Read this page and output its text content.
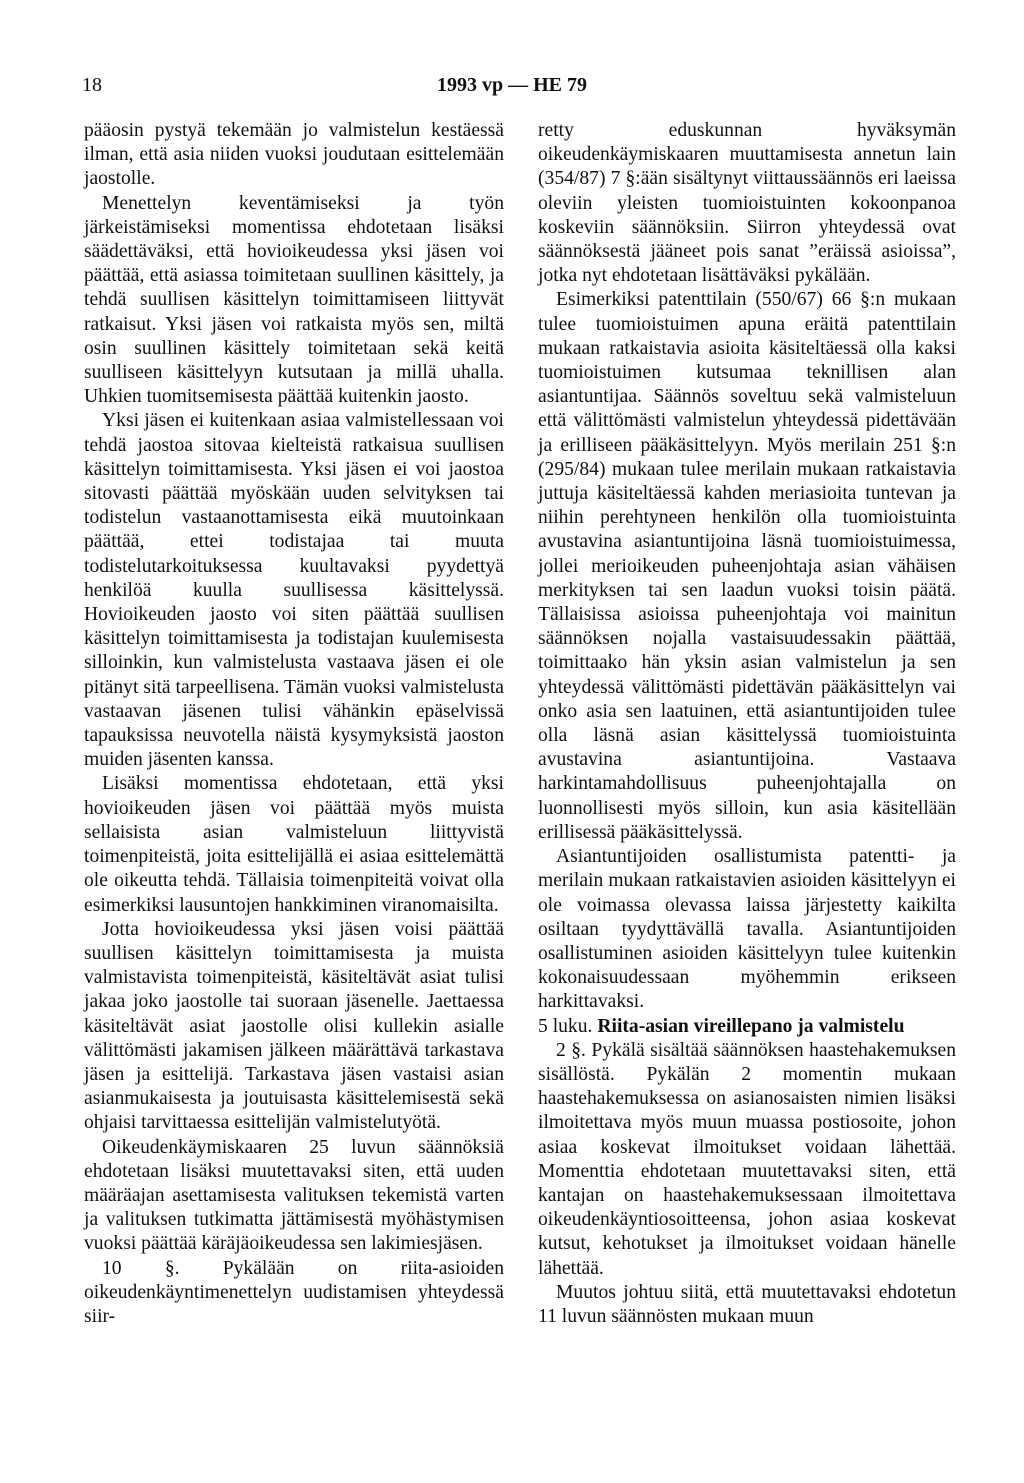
18	1993 vp — HE 79

pääosin pystyä tekemään jo valmistelun kestäessä ilman, että asia niiden vuoksi joudutaan esittelemään jaostolle.

Menettelyn keventämiseksi ja työn järkeistämiseksi momentissa ehdotetaan lisäksi säädettäväksi, että hovioikeudessa yksi jäsen voi päättää, että asiassa toimitetaan suullinen käsittely, ja tehdä suullisen käsittelyn toimittamiseen liittyvät ratkaisut. Yksi jäsen voi ratkaista myös sen, miltä osin suullinen käsittely toimitetaan sekä keitä suulliseen käsittelyyn kutsutaan ja millä uhalla. Uhkien tuomitsemisesta päättää kuitenkin jaosto.

Yksi jäsen ei kuitenkaan asiaa valmistellessaan voi tehdä jaostoa sitovaa kielteistä ratkaisua suullisen käsittelyn toimittamisesta. Yksi jäsen ei voi jaostoa sitovasti päättää myöskään uuden selvityksen tai todistelun vastaanottamisesta eikä muutoinkaan päättää, ettei todistajaa tai muuta todistelutarkoituksessa kuultavaksi pyydettyä henkilöä kuulla suullisessa käsittelyssä. Hovioikeuden jaosto voi siten päättää suullisen käsittelyn toimittamisesta ja todistajan kuulemisesta silloinkin, kun valmistelusta vastaava jäsen ei ole pitänyt sitä tarpeellisena. Tämän vuoksi valmistelusta vastaavan jäsenen tulisi vähänkin epäselvissä tapauksissa neuvotella näistä kysymyksistä jaoston muiden jäsenten kanssa.

Lisäksi momentissa ehdotetaan, että yksi hovioikeuden jäsen voi päättää myös muista sellaisista asian valmisteluun liittyvistä toimenpiteistä, joita esittelijällä ei asiaa esittelemättä ole oikeutta tehdä. Tällaisia toimenpiteitä voivat olla esimerkiksi lausuntojen hankkiminen viranomaisilta.

Jotta hovioikeudessa yksi jäsen voisi päättää suullisen käsittelyn toimittamisesta ja muista valmistavista toimenpiteistä, käsiteltävät asiat tulisi jakaa joko jaostolle tai suoraan jäsenelle. Jaettaessa käsiteltävät asiat jaostolle olisi kullekin asialle välittömästi jakamisen jälkeen määrättävä tarkastava jäsen ja esittelijä. Tarkastava jäsen vastaisi asian asianmukaisesta ja joutuisasta käsittelemisestä sekä ohjaisi tarvittaessa esittelijän valmistelutyötä.

Oikeudenkäymiskaaren 25 luvun säännöksiä ehdotetaan lisäksi muutettavaksi siten, että uuden määräajan asettamisesta valituksen tekemistä varten ja valituksen tutkimatta jättämisestä myöhästymisen vuoksi päättää käräjäoikeudessa sen lakimiesjäsen.

10 §. Pykälään on riita-asioiden oikeudenkäyntimenettelyn uudistamisen yhteydessä siir-

retty eduskunnan hyväksymän oikeudenkäymiskaaren muuttamisesta annetun lain (354/87) 7 §:ään sisältynyt viittaussäännös eri laeissa oleviin yleisten tuomioistuinten kokoonpanoa koskeviin säännöksiin. Siirron yhteydessä ovat säännöksestä jääneet pois sanat ”eräissä asioissa”, jotka nyt ehdotetaan lisättäväksi pykälään.

Esimerkiksi patenttilain (550/67) 66 §:n mukaan tulee tuomioistuimen apuna eräitä patenttilain mukaan ratkaistavia asioita käsiteltäessä olla kaksi tuomioistuimen kutsumaa teknillisen alan asiantuntijaa. Säännös soveltuu sekä valmisteluun että välittömästi valmistelun yhteydessä pidettävään ja erilliseen pääkäsittelyyn. Myös merilain 251 §:n (295/84) mukaan tulee merilain mukaan ratkaistavia juttuja käsiteltäessä kahden meriasioita tuntevan ja niihin perehtyneen henkilön olla tuomioistuinta avustavina asiantuntijoina läsnä tuomioistuimessa, jollei merioikeuden puheenjohtaja asian vähäisen merkityksen tai sen laadun vuoksi toisin päätä. Tällaisissa asioissa puheenjohtaja voi mainitun säännöksen nojalla vastaisuudessakin päättää, toimittaako hän yksin asian valmistelun ja sen yhteydessä välittömästi pidettävän pääkäsittelyn vai onko asia sen laatuinen, että asiantuntijoiden tulee olla läsnä asian käsittelyssä tuomioistuinta avustavina asiantuntijoina. Vastaava harkintamahdollisuus puheenjohtajalla on luonnollisesti myös silloin, kun asia käsitellään erillisessä pääkäsittelyssä.

Asiantuntijoiden osallistumista patentti- ja merilain mukaan ratkaistavien asioiden käsittelyyn ei ole voimassa olevassa laissa järjestetty kaikilta osiltaan tyydyttävällä tavalla. Asiantuntijoiden osallistuminen asioiden käsittelyyn tulee kuitenkin kokonaisuudessaan myöhemmin erikseen harkittavaksi.

5 luku. Riita-asian vireillepano ja valmistelu

2 §. Pykälä sisältää säännöksen haastehakemuksen sisällöstä. Pykälän 2 momentin mukaan haastehakemuksessa on asianosaisten nimien lisäksi ilmoitettava myös muun muassa postiosoite, johon asiaa koskevat ilmoitukset voidaan lähettää. Momenttia ehdotetaan muutettavaksi siten, että kantajan on haastehakemuksessaan ilmoitettava oikeudenkäyntiosoitteensa, johon asiaa koskevat kutsut, kehotukset ja ilmoitukset voidaan hänelle lähettää.

Muutos johtuu siitä, että muutettavaksi ehdotetun 11 luvun säännösten mukaan muun
